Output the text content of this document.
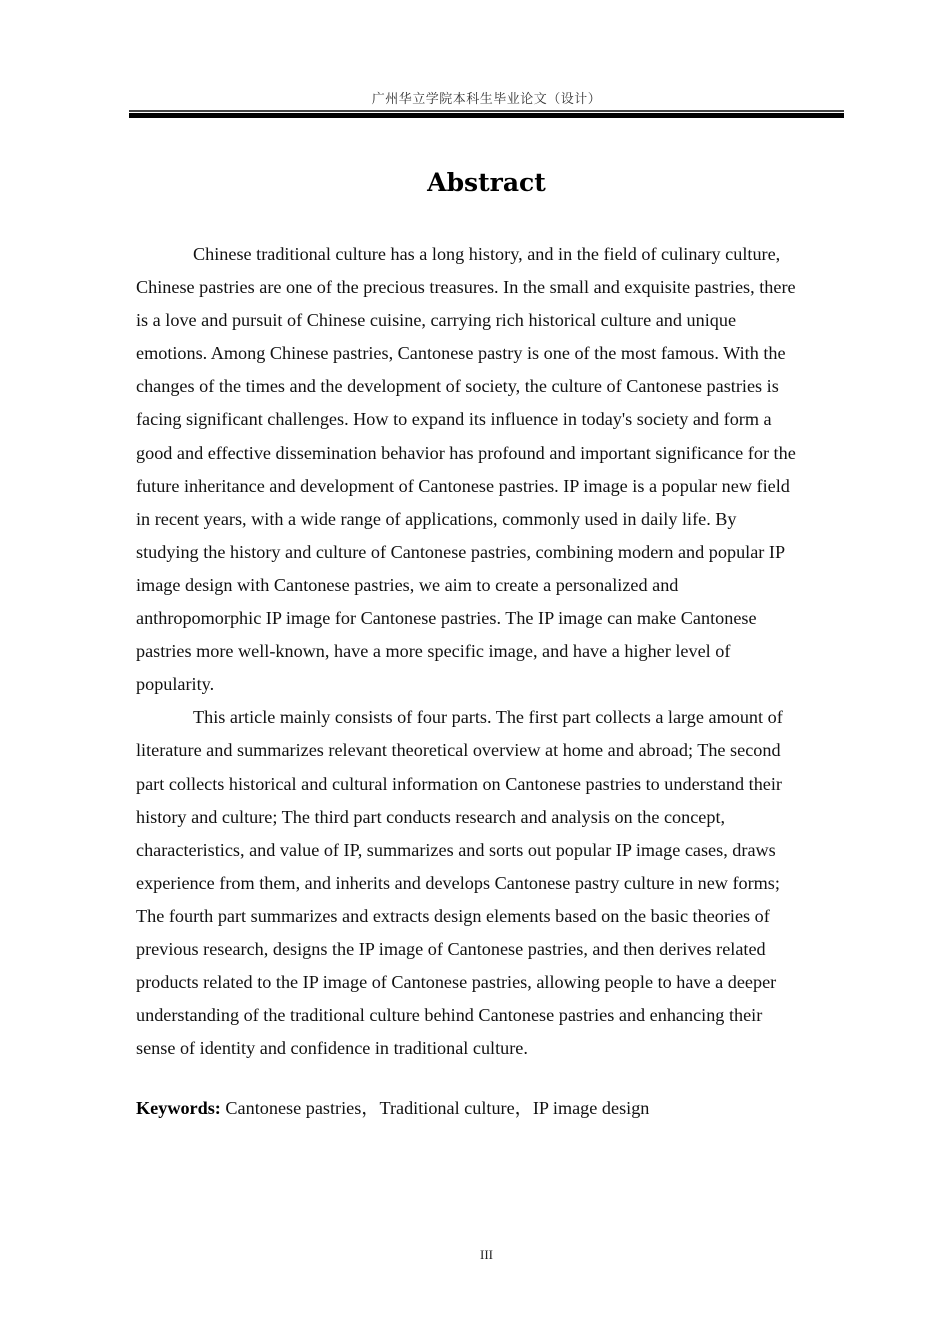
广州华立学院本科生毕业论文（设计）
Abstract
Chinese traditional culture has a long history, and in the field of culinary culture,
Chinese pastries are one of the precious treasures. In the small and exquisite pastries, there
is a love and pursuit of Chinese cuisine, carrying rich historical culture and unique
emotions. Among Chinese pastries, Cantonese pastry is one of the most famous. With the
changes of the times and the development of society, the culture of Cantonese pastries is
facing significant challenges. How to expand its influence in today's society and form a
good and effective dissemination behavior has profound and important significance for the
future inheritance and development of Cantonese pastries. IP image is a popular new field
in recent years, with a wide range of applications, commonly used in daily life. By
studying the history and culture of Cantonese pastries, combining modern and popular IP
image design with Cantonese pastries, we aim to create a personalized and
anthropomorphic IP image for Cantonese pastries. The IP image can make Cantonese
pastries more well-known, have a more specific image, and have a higher level of
popularity.
This article mainly consists of four parts. The first part collects a large amount of
literature and summarizes relevant theoretical overview at home and abroad; The second
part collects historical and cultural information on Cantonese pastries to understand their
history and culture; The third part conducts research and analysis on the concept,
characteristics, and value of IP, summarizes and sorts out popular IP image cases, draws
experience from them, and inherits and develops Cantonese pastry culture in new forms;
The fourth part summarizes and extracts design elements based on the basic theories of
previous research, designs the IP image of Cantonese pastries, and then derives related
products related to the IP image of Cantonese pastries, allowing people to have a deeper
understanding of the traditional culture behind Cantonese pastries and enhancing their
sense of identity and confidence in traditional culture.
Keywords: Cantonese pastries，Traditional culture，IP image design
III
